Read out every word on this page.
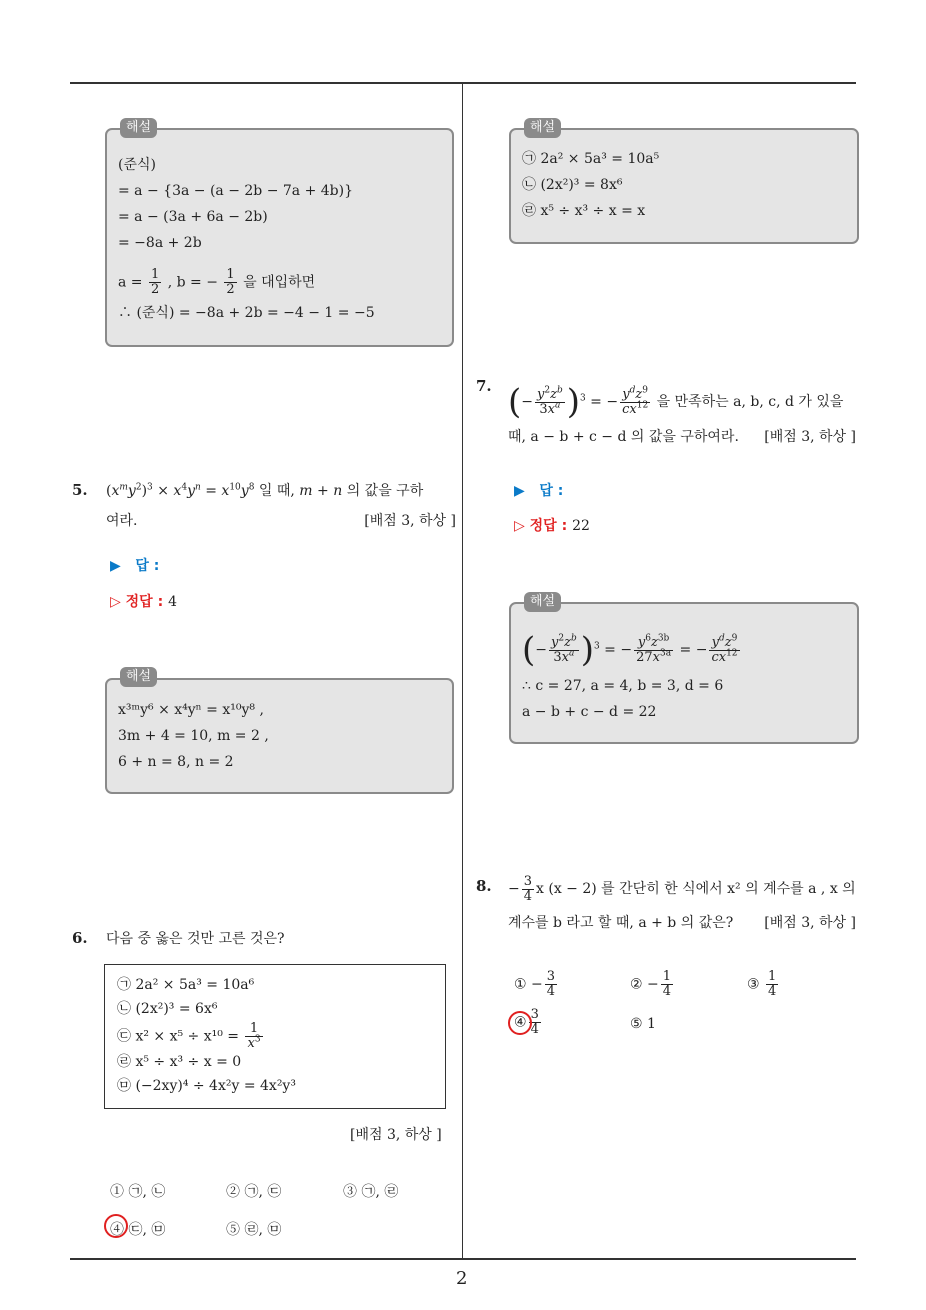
2
해설
(준식)
= a − {3a − (a − 2b − 7a + 4b)}
= a − (3a + 6a − 2b)
= −8a + 2b
$a = \frac{1}{2}$ , b = − $\frac{1}{2}$ 을 대입하면
∴ (준식) = −8a + 2b = −4 − 1 = −5
5. $(x^my^2)^3 \times x^4y^n = x^{10}y^8$ 일 때, m + n 의 값을 구하
여라.	[배점 3, 하상 ]
▶ 답 :
▷ 정답 : 4
해설
x³ᵐy⁶ × x⁴yⁿ = x¹⁰y⁸ ,
3m + 4 = 10, m = 2 ,
6 + n = 8, n = 2
6. 다음 중 옳은 것만 고른 것은?
㉠ 2a² × 5a³ = 10a⁶
㉡ (2x²)³ = 6x⁶
㉢ $x^2 \times x^5 \div x^{10} = \frac{1}{x^3}$
㉣ x⁵ ÷ x³ ÷ x = 0
㉤ (−2xy)⁴ ÷ 4x²y = 4x²y³
[배점 3, 하상 ]
① ㉠, ㉡	② ㉠, ㉢	③ ㉠, ㉣
④ ㉢, ㉤	⑤ ㉣, ㉤
해설
㉠ 2a² × 5a³ = 10a⁵
㉡ (2x²)³ = 8x⁶
㉣ x⁵ ÷ x³ ÷ x = x
7. (− $\frac{y^2z^b}{3x^a} )^3$ = − $\frac{y^dz^9}{cx^{12}}$ 을 만족하는 a, b, c, d 가 있을
때, a − b + c − d 의 값을 구하여라. [배점 3, 하상 ]
▶ 답 :
▷ 정답 : 22
해설
(− $\frac{y^2z^b}{3x^a} )^3$ = − $\frac{y^6z^{3b}}{27x^{3a}}$ = − $\frac{y^dz^9}{cx^{12}}$
∴ c = 27, a = 4, b = 3, d = 6
a − b + c − d = 22
8. − $\frac{3}{4}$ x (x − 2) 를 간단히 한 식에서 x² 의 계수를 a , x 의
계수를 b 라고 할 때, a + b 의 값은? [배점 3, 하상 ]
① − $\frac{3}{4}$	② − $\frac{1}{4}$	③ $\frac{1}{4}$
④ $\frac{3}{4}$	⑤ 1
